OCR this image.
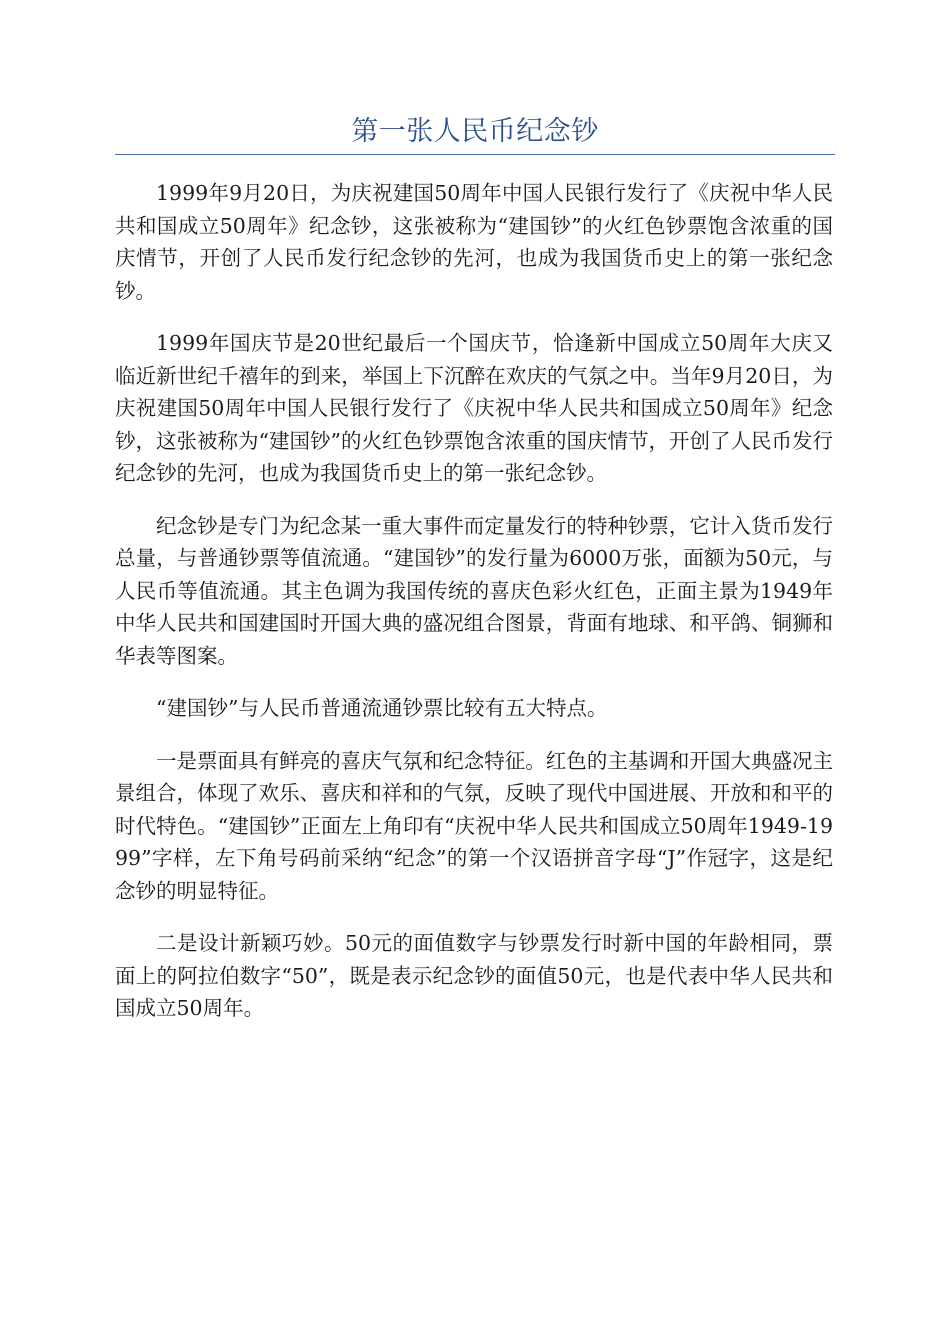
第一张人民币纪念钞

1999年9月20日，为庆祝建国50周年中国人民银行发行了《庆祝中华人民共和国成立50周年》纪念钞，这张被称为“建国钞”的火红色钞票饱含浓重的国庆情节，开创了人民币发行纪念钞的先河，也成为我国货币史上的第一张纪念钞。

1999年国庆节是20世纪最后一个国庆节，恰逢新中国成立50周年大庆又临近新世纪千禧年的到来，举国上下沉醉在欢庆的气氛之中。当年9月20日，为庆祝建国50周年中国人民银行发行了《庆祝中华人民共和国成立50周年》纪念钞，这张被称为“建国钞”的火红色钞票饱含浓重的国庆情节，开创了人民币发行纪念钞的先河，也成为我国货币史上的第一张纪念钞。

纪念钞是专门为纪念某一重大事件而定量发行的特种钞票，它计入货币发行总量，与普通钞票等值流通。“建国钞”的发行量为6000万张，面额为50元，与人民币等值流通。其主色调为我国传统的喜庆色彩火红色，正面主景为1949年中华人民共和国建国时开国大典的盛况组合图景，背面有地球、和平鸽、铜狮和华表等图案。

“建国钞”与人民币普通流通钞票比较有五大特点。

一是票面具有鲜亮的喜庆气氛和纪念特征。红色的主基调和开国大典盛况主景组合，体现了欢乐、喜庆和祥和的气氛，反映了现代中国进展、开放和和平的时代特色。“建国钞”正面左上角印有“庆祝中华人民共和国成立50周年1949-1999”字样，左下角号码前采纳“纪念”的第一个汉语拼音字母“J”作冠字，这是纪念钞的明显特征。

二是设计新颖巧妙。50元的面值数字与钞票发行时新中国的年龄相同，票面上的阿拉伯数字“50”，既是表示纪念钞的面值50元，也是代表中华人民共和国成立50周年。
